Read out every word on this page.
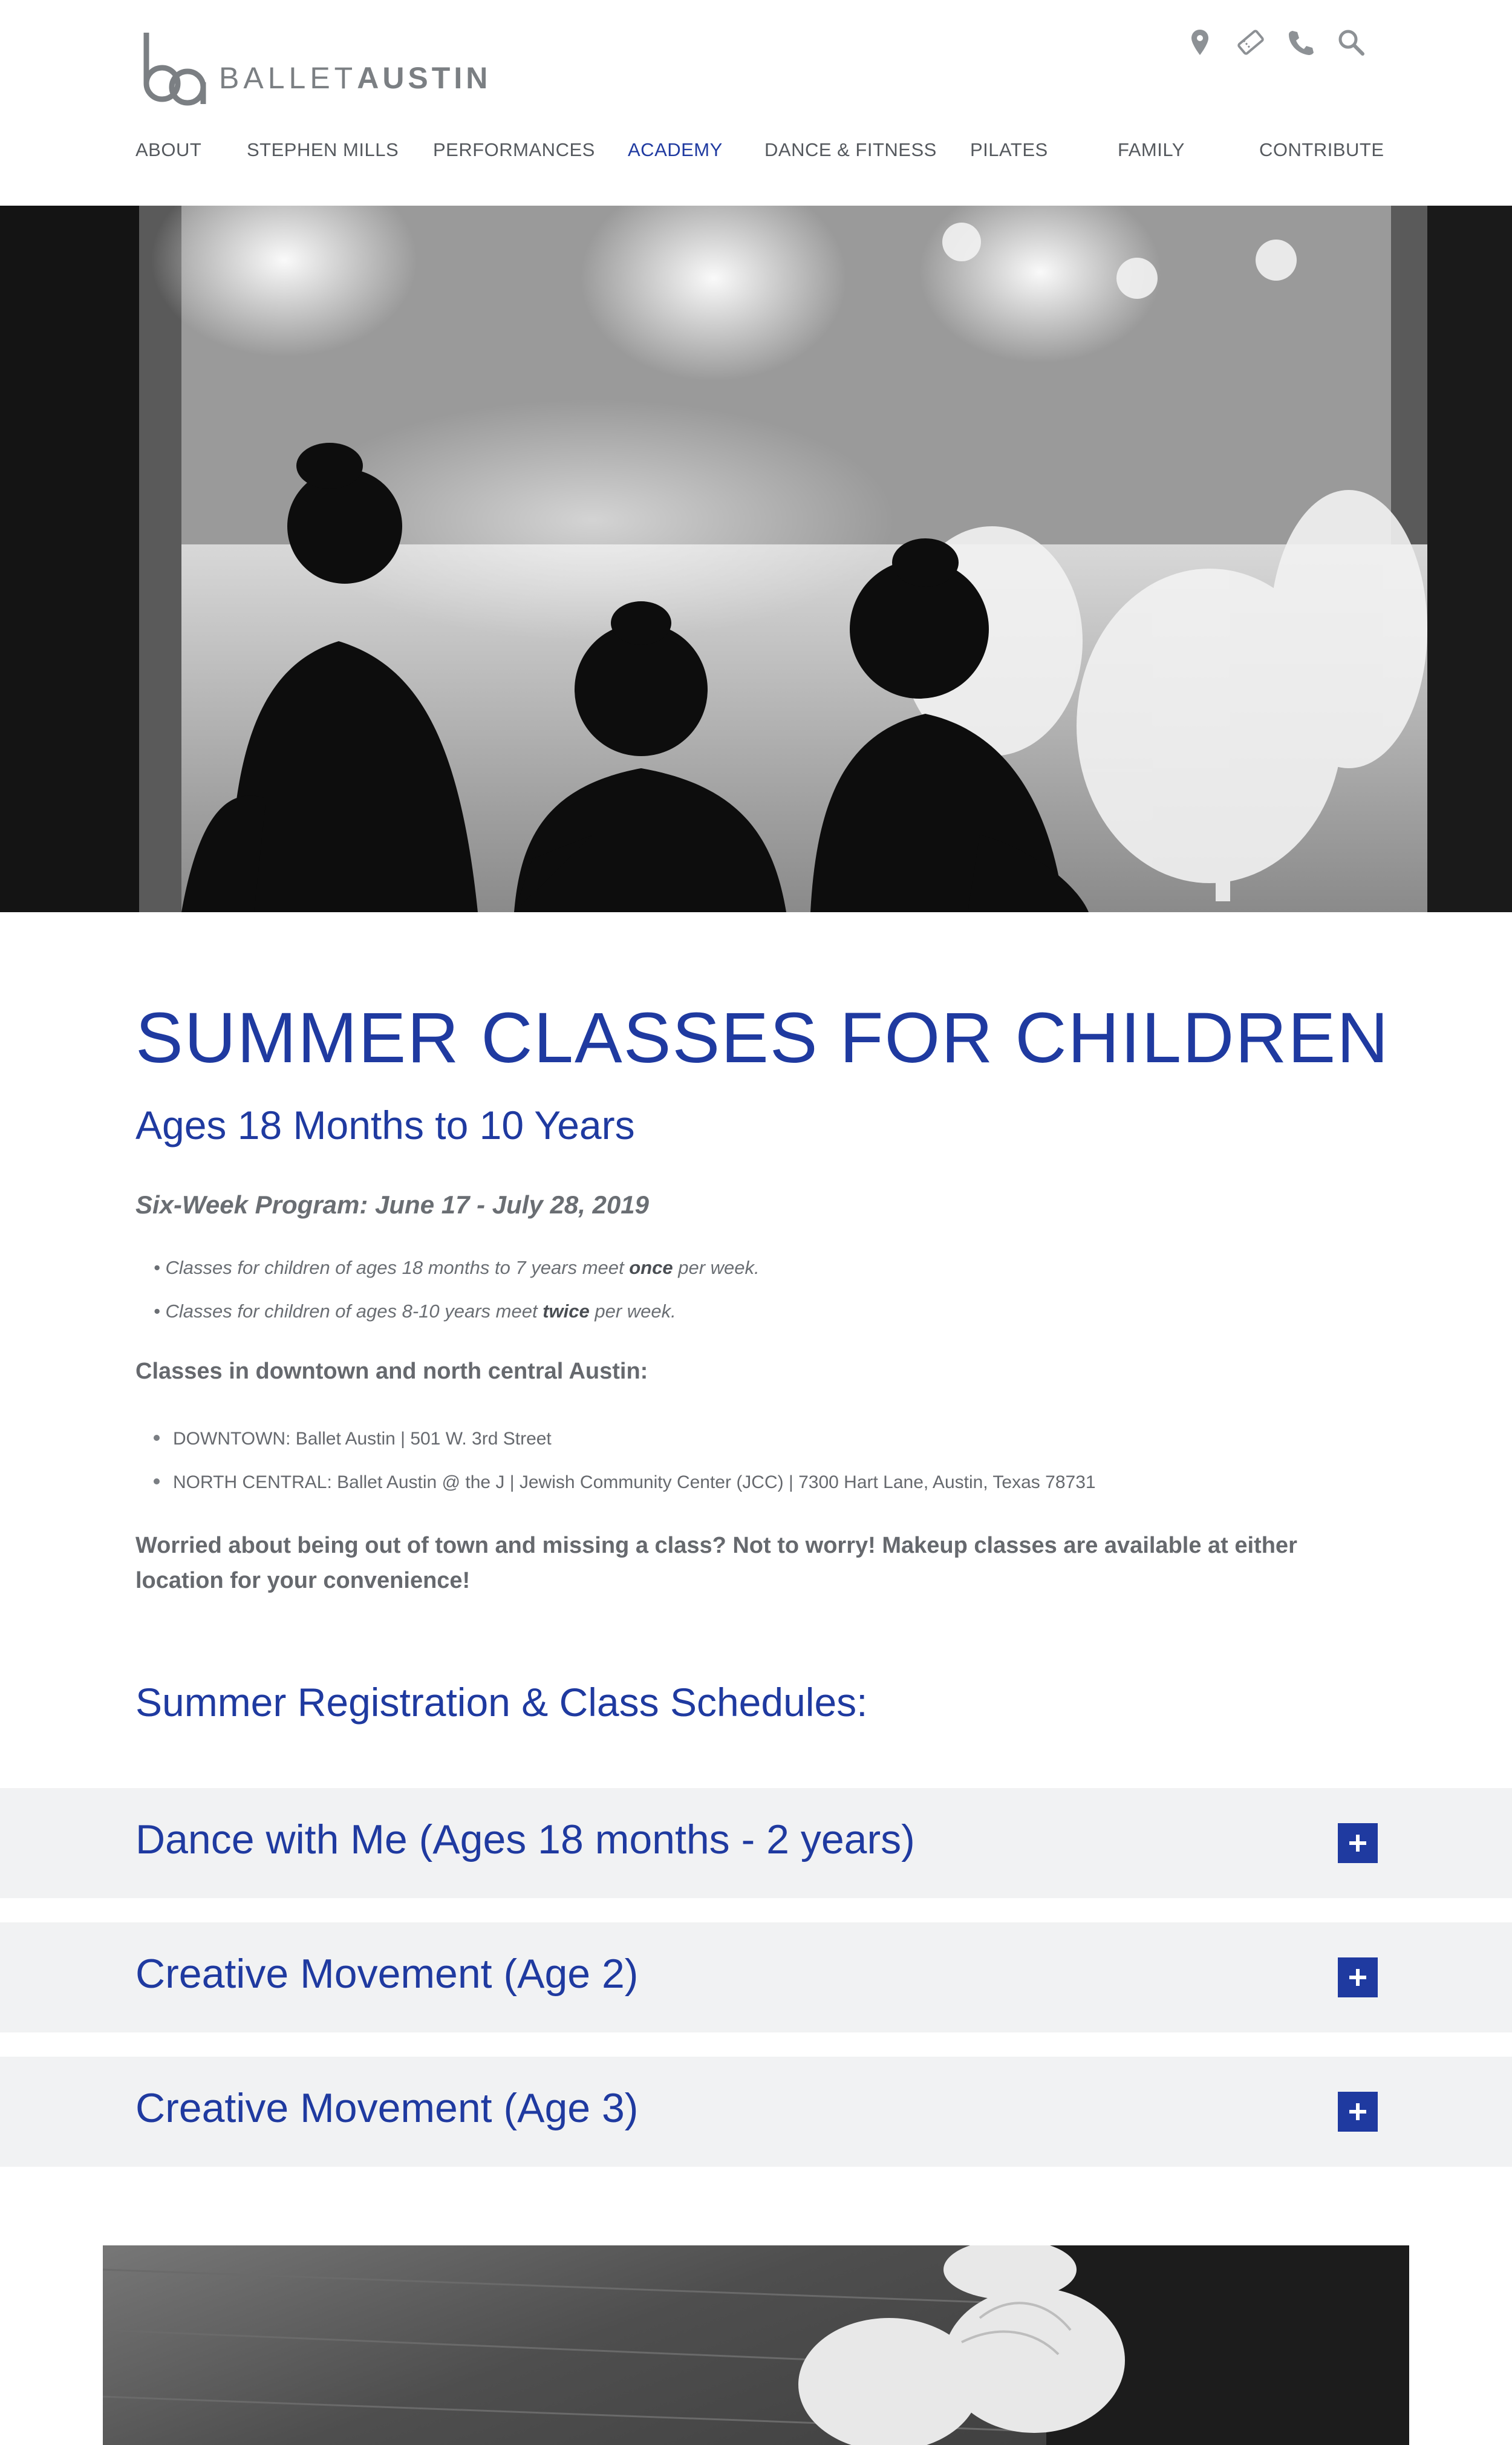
BALLETAUSTIN
ABOUT STEPHEN MILLS PERFORMANCES ACADEMY DANCE & FITNESS PILATES	FAMILY	CONTRIBUTE
SUMMER CLASSES FOR CHILDREN
Ages 18 Months to 10 Years
Six-Week Program: June 17 - July 28, 2019
• Classes for children of ages 18 months to 7 years meet once per week.
• Classes for children of ages 8-10 years meet twice per week.
Classes in downtown and north central Austin:
DOWNTOWN: Ballet Austin | 501 W. 3rd Street
NORTH CENTRAL: Ballet Austin @ the J | Jewish Community Center (JCC) | 7300 Hart Lane, Austin, Texas 78731
Worried about being out of town and missing a class? Not to worry! Makeup classes are available at either location for your convenience!
Summer Registration & Class Schedules:
Dance with Me (Ages 18 months - 2 years)
Creative Movement (Age 2)
Creative Movement (Age 3)
